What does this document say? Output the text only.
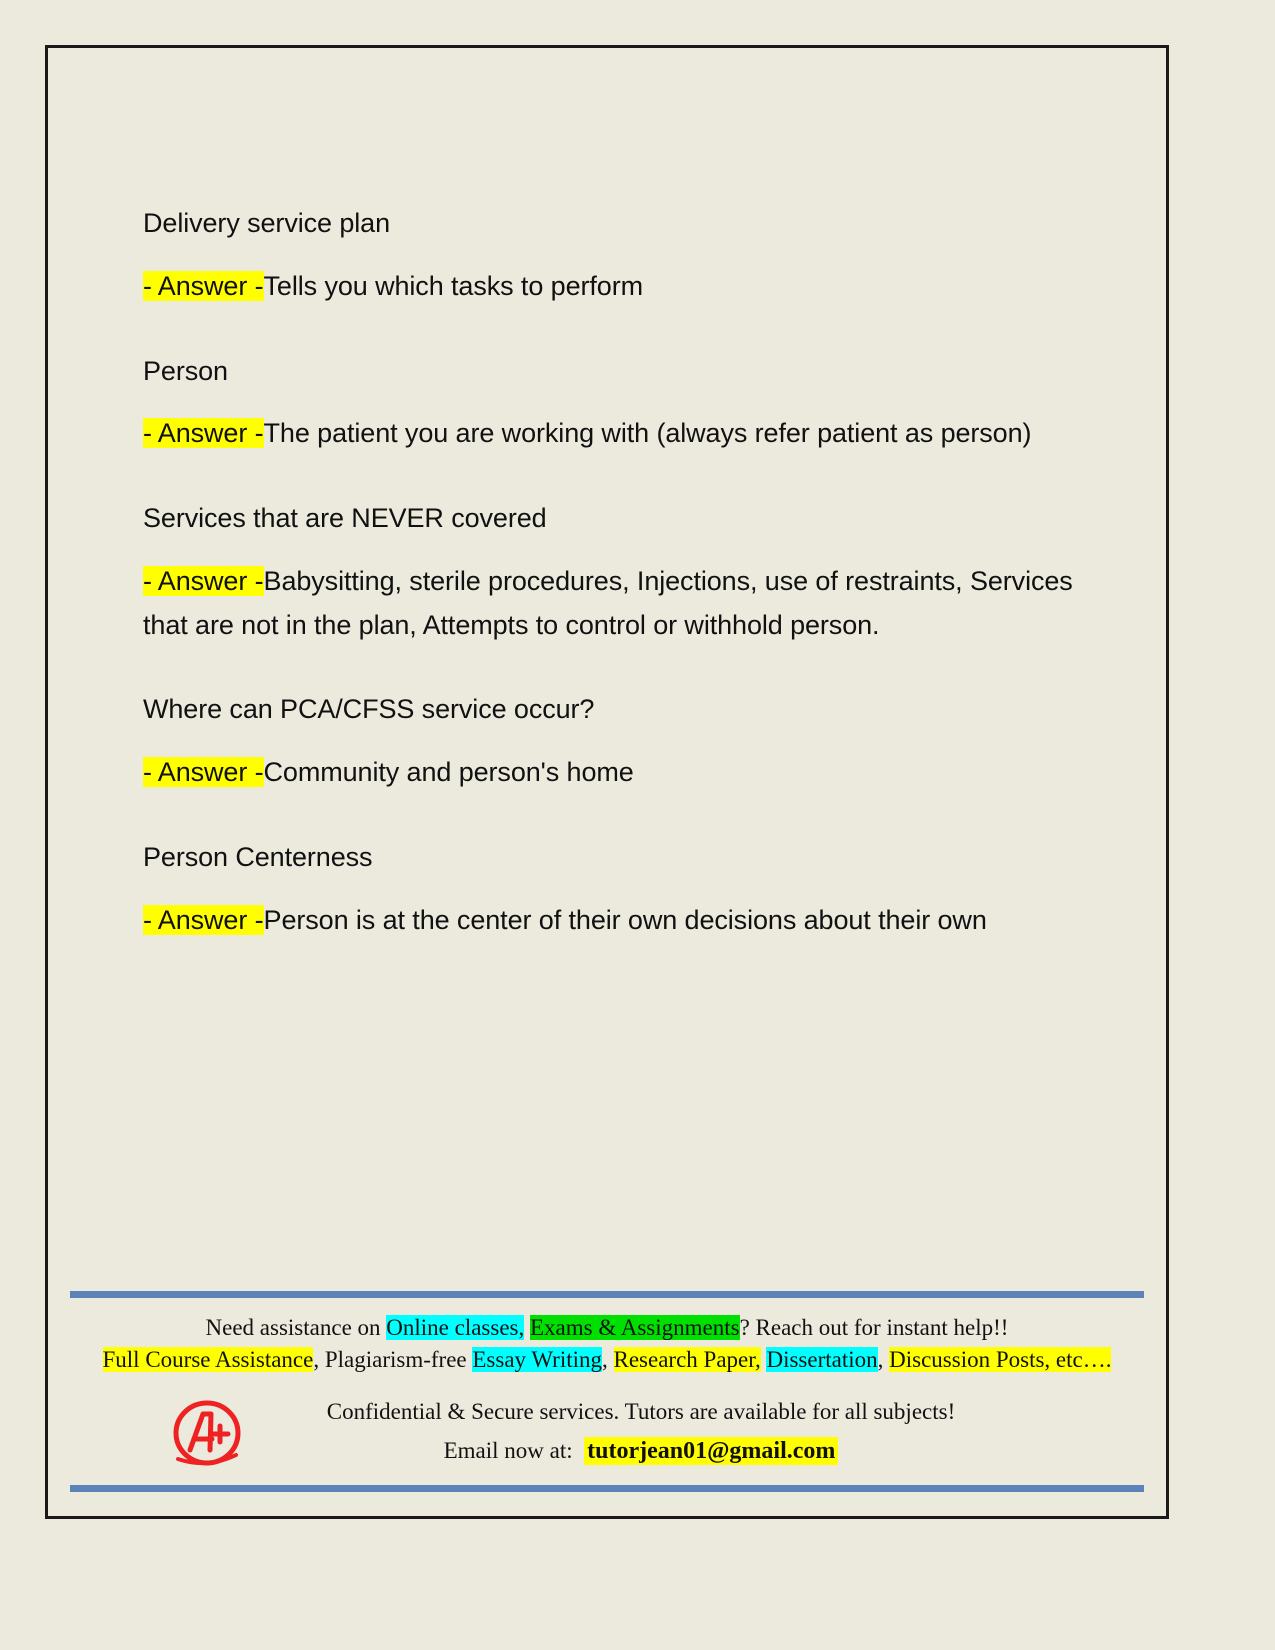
Delivery service plan
- Answer -Tells you which tasks to perform
Person
- Answer -The patient you are working with (always refer patient as person)
Services that are NEVER covered
- Answer -Babysitting, sterile procedures, Injections, use of restraints, Services that are not in the plan, Attempts to control or withhold person.
Where can PCA/CFSS service occur?
- Answer -Community and person's home
Person Centerness
- Answer -Person is at the center of their own decisions about their own
Need assistance on Online classes, Exams & Assignments? Reach out for instant help!!
Full Course Assistance, Plagiarism-free Essay Writing, Research Paper, Dissertation, Discussion Posts, etc….
Confidential & Secure services. Tutors are available for all subjects!
Email now at: tutorjean01@gmail.com
